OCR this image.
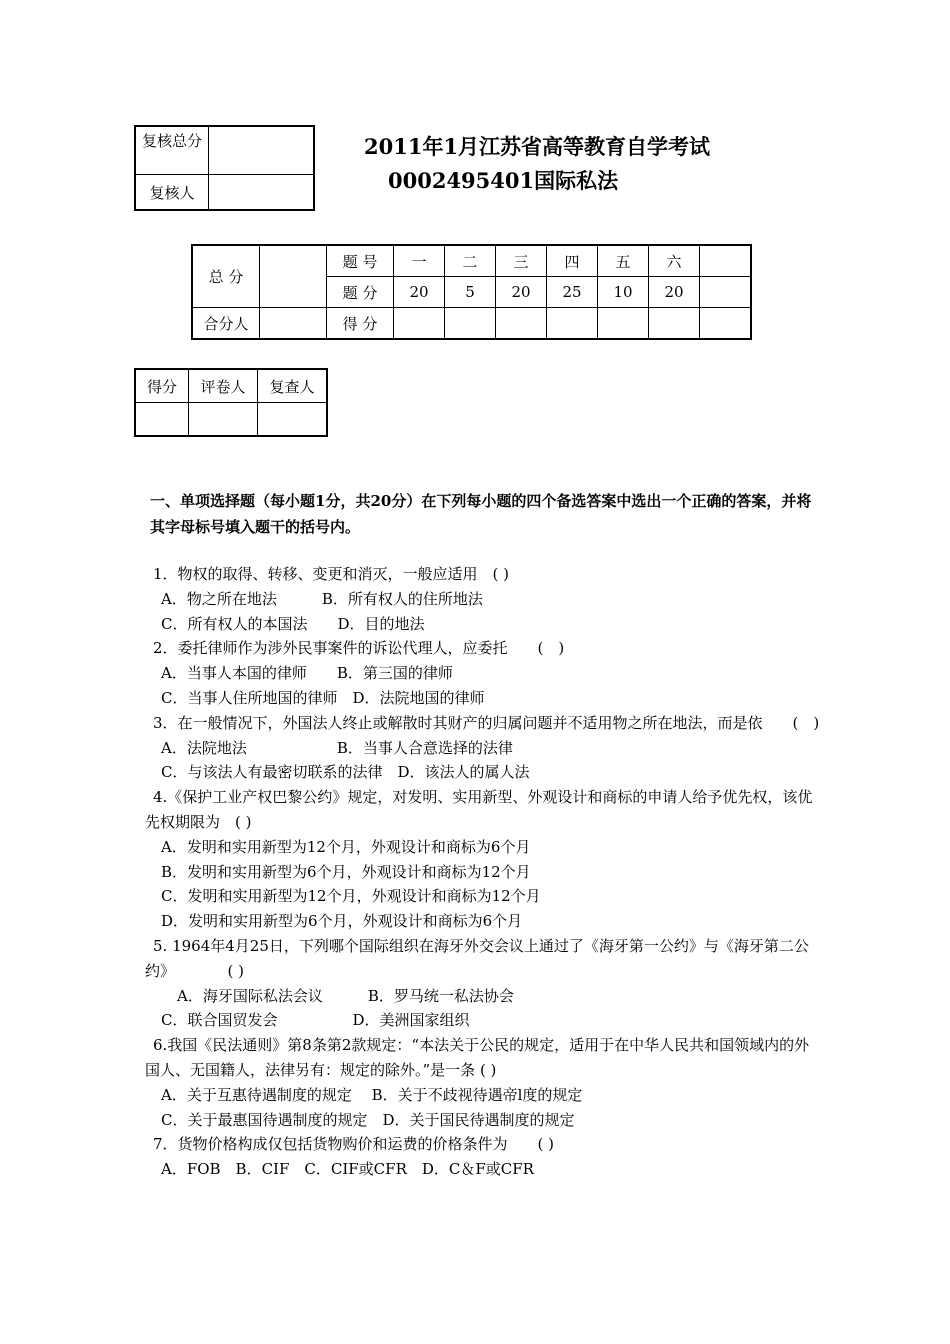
复核总分	
复核人	
2011年1月江苏省高等教育自学考试
0002495401国际私法
总 分		题 号	一	二	三	四	五	六	
		题 分	20	5	20	25	10	20	
合分人		得 分							
得分	评卷人	复查人

一、单项选择题（每小题1分，共20分）在下列每小题的四个备选答案中选出一个正确的答案，并将其字母标号填入题干的括号内。
1．物权的取得、转移、变更和消灭，一般应适用　( )
A．物之所在地法　　　B．所有权人的住所地法
C．所有权人的本国法　　D．目的地法
2．委托律师作为涉外民事案件的诉讼代理人，应委托　　(　)
A．当事人本国的律师　　B．第三国的律师
C．当事人住所地国的律师　D．法院地国的律师
3．在一般情况下，外国法人终止或解散时其财产的归属问题并不适用物之所在地法，而是依　　(　)
A．法院地法　　　　　　B．当事人合意选择的法律
C．与该法人有最密切联系的法律　D．该法人的属人法
4.《保护工业产权巴黎公约》规定，对发明、实用新型、外观设计和商标的申请人给予优先权，该优先权期限为　( )
A．发明和实用新型为12个月，外观设计和商标为6个月
B．发明和实用新型为6个月，外观设计和商标为12个月
C．发明和实用新型为12个月，外观设计和商标为12个月
D．发明和实用新型为6个月，外观设计和商标为6个月
5. 1964年4月25日，下列哪个国际组织在海牙外交会议上通过了《海牙第一公约》与《海牙第二公约》　　　　( )
A．海牙国际私法会议　　　B．罗马统一私法协会
C．联合国贸发会　　　　　D．美洲国家组织
6.我国《民法通则》第8条第2款规定：“本法关于公民的规定，适用于在中华人民共和国领域内的外国人、无国籍人，法律另有：规定的除外。”是一条 ( )
A．关于互惠待遇制度的规定　 B．关于不歧视待遇帝l度的规定
C．关于最惠国待遇制度的规定　D．关于国民待遇制度的规定
7．货物价格构成仅包括货物购价和运费的价格条件为　　( )
A．FOB　B．CIF　C．CIF或CFR　D．C＆F或CFR
